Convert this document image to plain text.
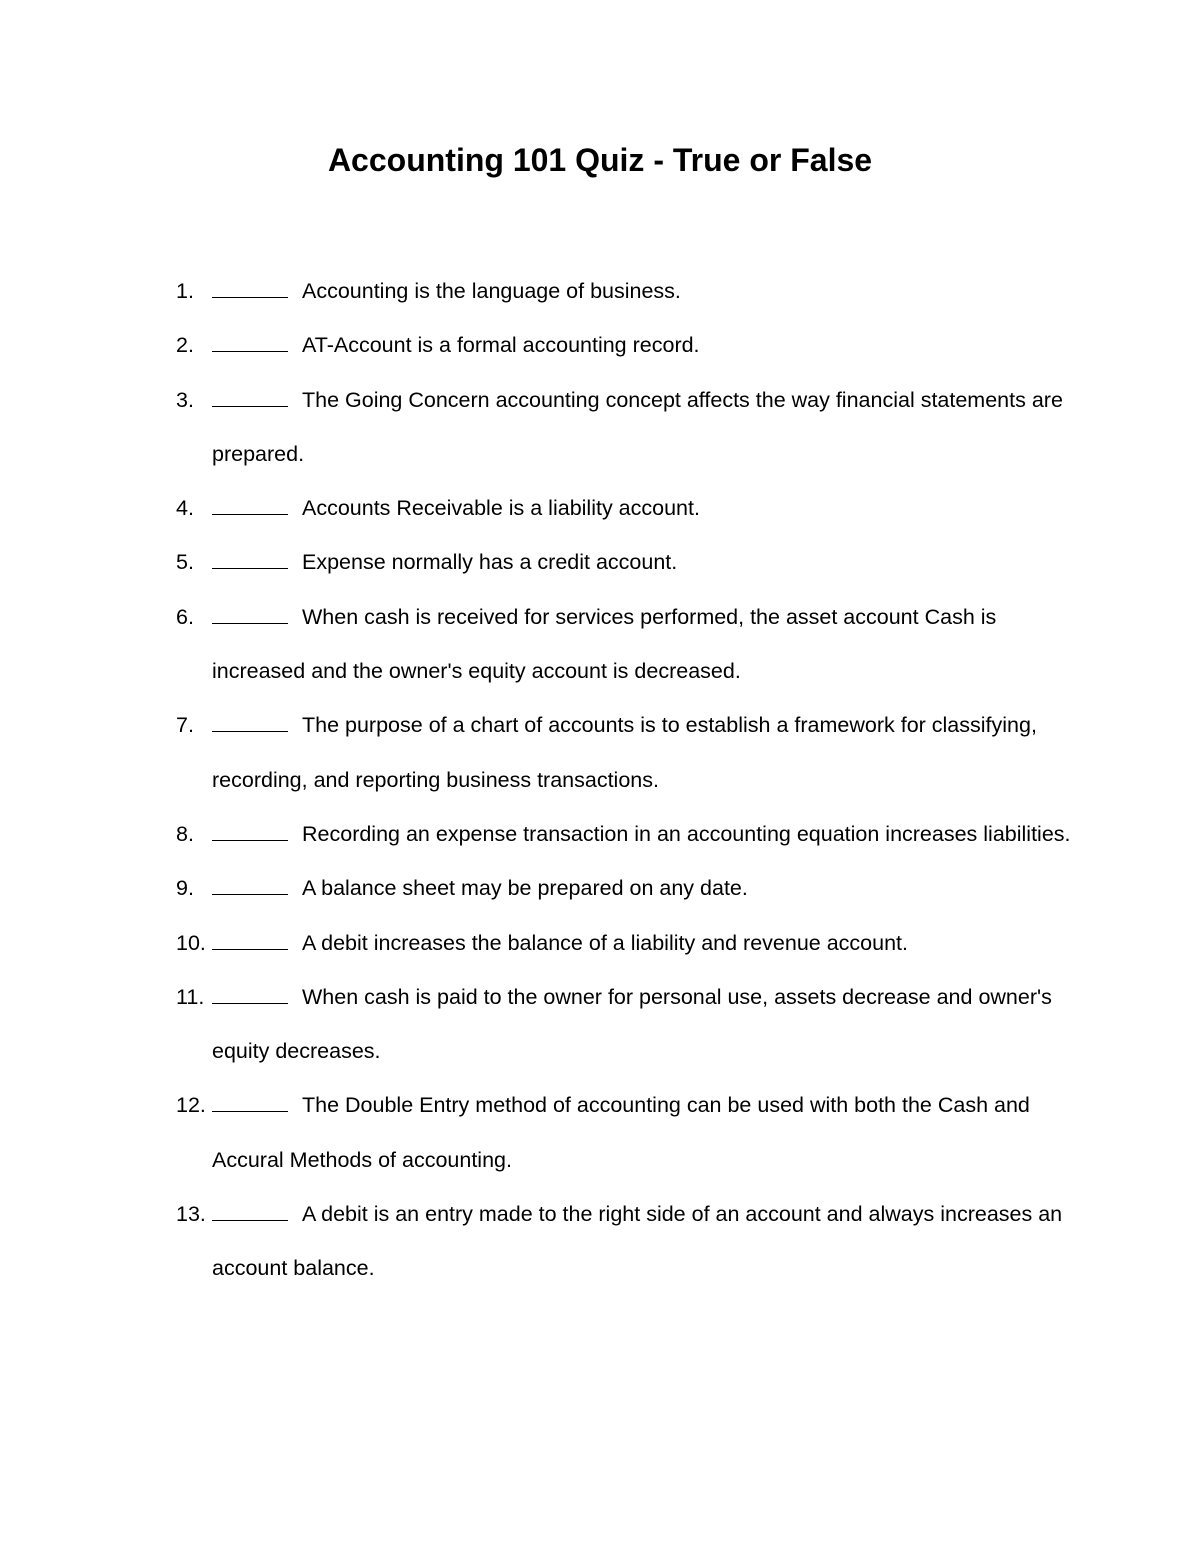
Accounting 101 Quiz - True or False
1.	Accounting is the language of business.
2.	AT-Account is a formal accounting record.
3.	The Going Concern accounting concept affects the way financial statements are prepared.
4.	Accounts Receivable is a liability account.
5.	Expense normally has a credit account.
6.	When cash is received for services performed, the asset account Cash is increased and the owner's equity account is decreased.
7.	The purpose of a chart of accounts is to establish a framework for classifying, recording, and reporting business transactions.
8.	Recording an expense transaction in an accounting equation increases liabilities.
9.	A balance sheet may be prepared on any date.
10.	A debit increases the balance of a liability and revenue account.
11.	When cash is paid to the owner for personal use, assets decrease and owner's equity decreases.
12.	The Double Entry method of accounting can be used with both the Cash and Accural Methods of accounting.
13.	A debit is an entry made to the right side of an account and always increases an account balance.
